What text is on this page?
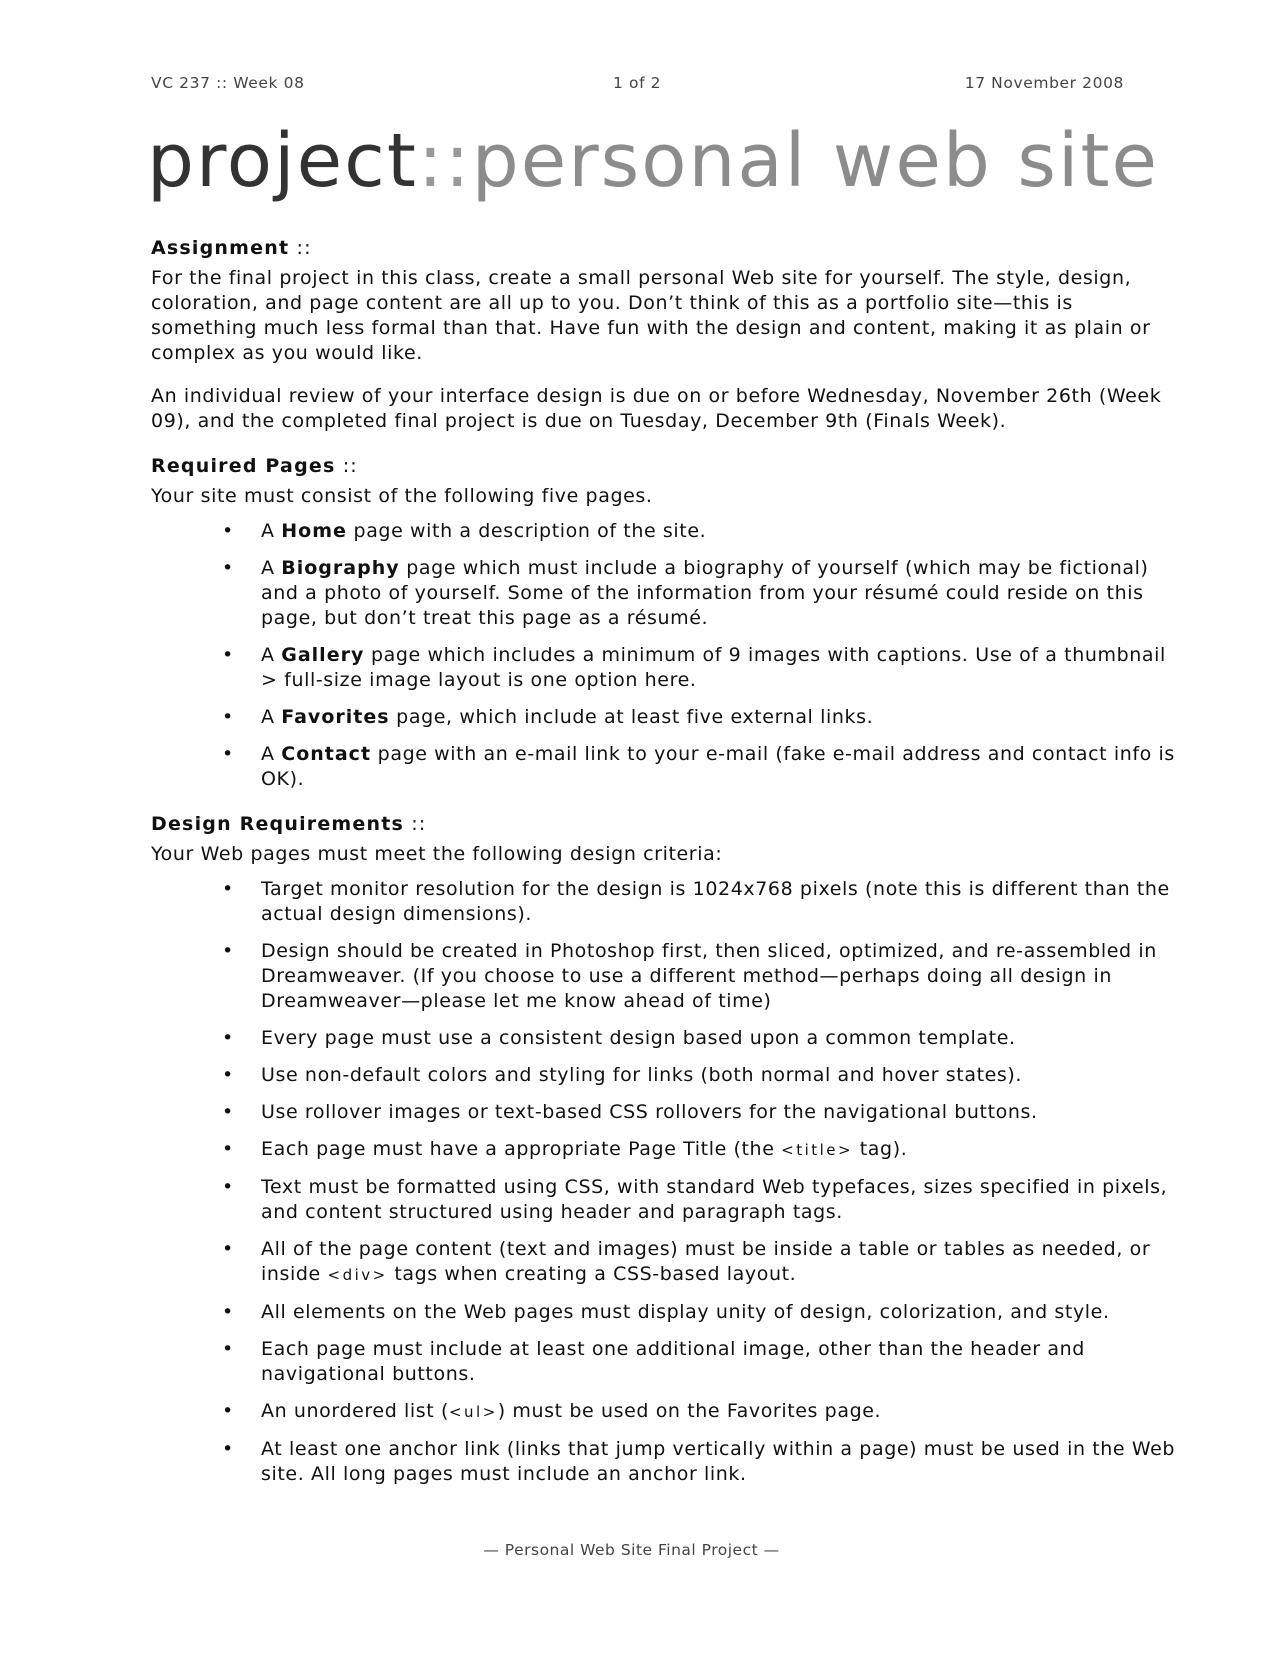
VC 237 :: Week 08	1 of 2	17 November 2008
project::personal web site
Assignment ::

For the final project in this class, create a small personal Web site for yourself. The style, design, coloration, and page content are all up to you. Don’t think of this as a portfolio site—this is something much less formal than that. Have fun with the design and content, making it as plain or complex as you would like.

An individual review of your interface design is due on or before Wednesday, November 26th (Week 09), and the completed final project is due on Tuesday, December 9th (Finals Week).

Required Pages ::

Your site must consist of the following five pages.

• A Home page with a description of the site.
• A Biography page which must include a biography of yourself (which may be fictional) and a photo of yourself. Some of the information from your résumé could reside on this page, but don’t treat this page as a résumé.
• A Gallery page which includes a minimum of 9 images with captions. Use of a thumbnail > full-size image layout is one option here.
• A Favorites page, which include at least five external links.
• A Contact page with an e-mail link to your e-mail (fake e-mail address and contact info is OK).
Design Requirements ::

Your Web pages must meet the following design criteria:

• Target monitor resolution for the design is 1024x768 pixels (note this is different than the actual design dimensions).
• Design should be created in Photoshop first, then sliced, optimized, and re-assembled in Dreamweaver. (If you choose to use a different method—perhaps doing all design in Dreamweaver—please let me know ahead of time)
• Every page must use a consistent design based upon a common template.
• Use non-default colors and styling for links (both normal and hover states).
• Use rollover images or text-based CSS rollovers for the navigational buttons.
• Each page must have a appropriate Page Title (the <title> tag).
• Text must be formatted using CSS, with standard Web typefaces, sizes specified in pixels, and content structured using header and paragraph tags.
• All of the page content (text and images) must be inside a table or tables as needed, or inside <div> tags when creating a CSS-based layout.
• All elements on the Web pages must display unity of design, colorization, and style.
• Each page must include at least one additional image, other than the header and navigational buttons.
• An unordered list (<ul>) must be used on the Favorites page.
• At least one anchor link (links that jump vertically within a page) must be used in the Web site. All long pages must include an anchor link.
— Personal Web Site Final Project —
